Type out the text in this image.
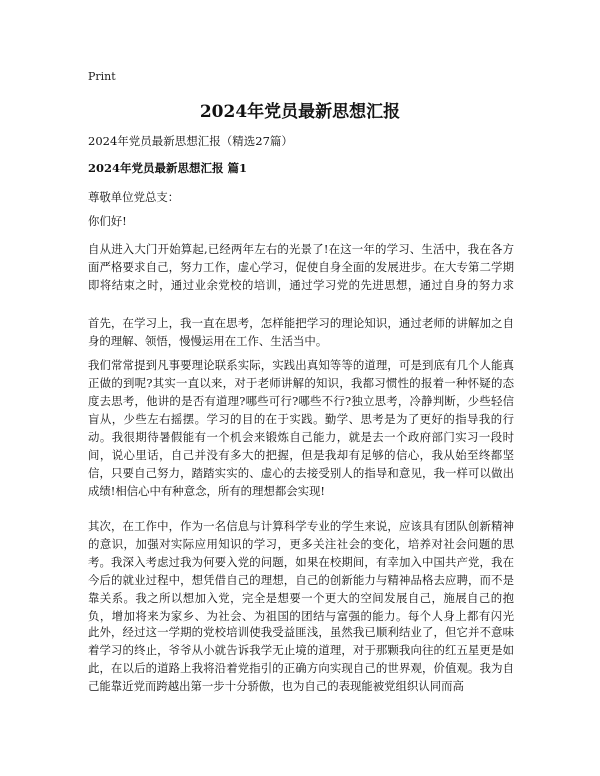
Print
2024年党员最新思想汇报

2024年党员最新思想汇报（精选27篇）

2024年党员最新思想汇报 篇1

尊敬单位党总支：

你们好!

自从进入大门开始算起,已经两年左右的光景了!在这一年的学习、生活中，我在各方面严格要求自己，努力工作，虚心学习，促使自身全面的发展进步。在大专第二学期即将结束之时，通过业余党校的培训，通过学习党的先进思想，通过自身的努力求

首先，在学习上，我一直在思考，怎样能把学习的理论知识，通过老师的讲解加之自身的理解、领悟，慢慢运用在工作、生活当中。

我们常常提到凡事要理论联系实际，实践出真知等等的道理，可是到底有几个人能真正做的到呢?其实一直以来，对于老师讲解的知识，我都习惯性的报着一种怀疑的态度去思考，他讲的是否有道理?哪些可行?哪些不行?独立思考，冷静判断，少些轻信盲从，少些左右摇摆。学习的目的在于实践。勤学、思考是为了更好的指导我的行动。我很期待暑假能有一个机会来锻炼自己能力，就是去一个政府部门实习一段时间，说心里话，自己并没有多大的把握，但是我却有足够的信心，我从始至终都坚信，只要自己努力，踏踏实实的、虚心的去接受别人的指导和意见，我一样可以做出成绩!相信心中有种意念，所有的理想都会实现!

其次，在工作中，作为一名信息与计算科学专业的学生来说，应该具有团队创新精神的意识，加强对实际应用知识的学习，更多关注社会的变化，培养对社会问题的思考。我深入考虑过我为何要入党的问题，如果在校期间，有幸加入中国共产党，我在今后的就业过程中，想凭借自己的理想，自己的创新能力与精神品格去应聘，而不是靠关系。我之所以想加入党，完全是想要一个更大的空间发展自己，施展自己的抱负，增加将来为家乡、为社会、为祖国的团结与富强的能力。每个人身上都有闪光

此外，经过这一学期的党校培训使我受益匪浅，虽然我已顺利结业了，但它并不意味着学习的终止，爷爷从小就告诉我学无止境的道理，对于那颗我向往的红五星更是如此，在以后的道路上我将沿着党指引的正确方向实现自己的世界观，价值观。我为自己能靠近党而跨越出第一步十分骄傲，也为自己的表现能被党组织认同而高
